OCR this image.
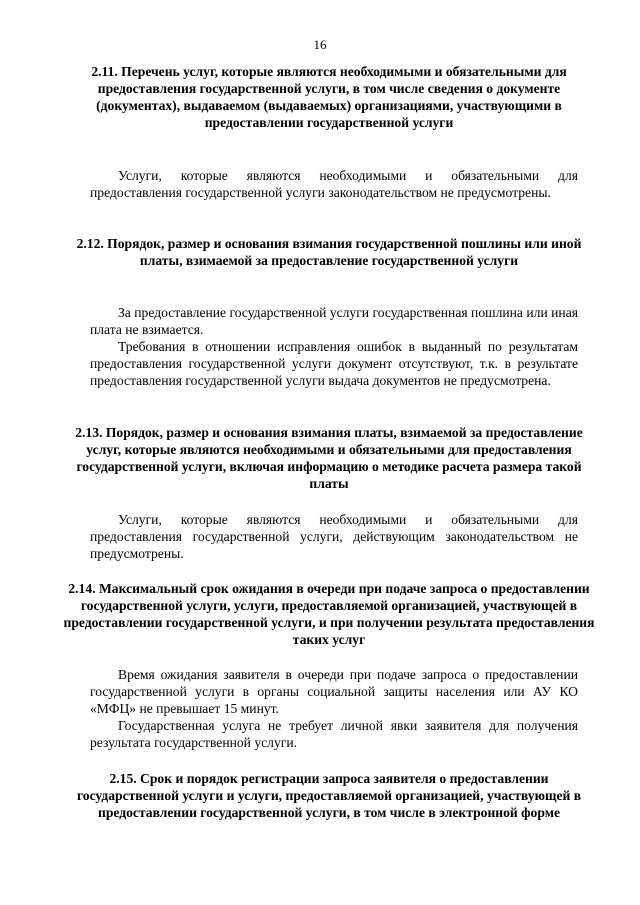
16
2.11. Перечень услуг, которые являются необходимыми и обязательными для предоставления государственной услуги, в том числе сведения о документе (документах), выдаваемом (выдаваемых) организациями, участвующими в предоставлении государственной услуги
Услуги, которые являются необходимыми и обязательными для предоставления государственной услуги законодательством не предусмотрены.
2.12. Порядок, размер и основания взимания государственной пошлины или иной платы, взимаемой за предоставление государственной услуги
За предоставление государственной услуги государственная пошлина или иная плата не взимается.
Требования в отношении исправления ошибок в выданный по результатам предоставления государственной услуги документ отсутствуют, т.к. в результате предоставления государственной услуги выдача документов не предусмотрена.
2.13. Порядок, размер и основания взимания платы, взимаемой за предоставление услуг, которые являются необходимыми и обязательными для предоставления государственной услуги, включая информацию о методике расчета размера такой платы
Услуги, которые являются необходимыми и обязательными для предоставления государственной услуги, действующим законодательством не предусмотрены.
2.14. Максимальный срок ожидания в очереди при подаче запроса о предоставлении государственной услуги, услуги, предоставляемой организацией, участвующей в предоставлении государственной услуги, и при получении результата предоставления таких услуг
Время ожидания заявителя в очереди при подаче запроса о предоставлении государственной услуги в органы социальной защиты населения или АУ КО «МФЦ» не превышает 15 минут.
Государственная услуга не требует личной явки заявителя для получения результата государственной услуги.
2.15. Срок и порядок регистрации запроса заявителя о предоставлении государственной услуги и услуги, предоставляемой организацией, участвующей в предоставлении государственной услуги, в том числе в электронной форме
